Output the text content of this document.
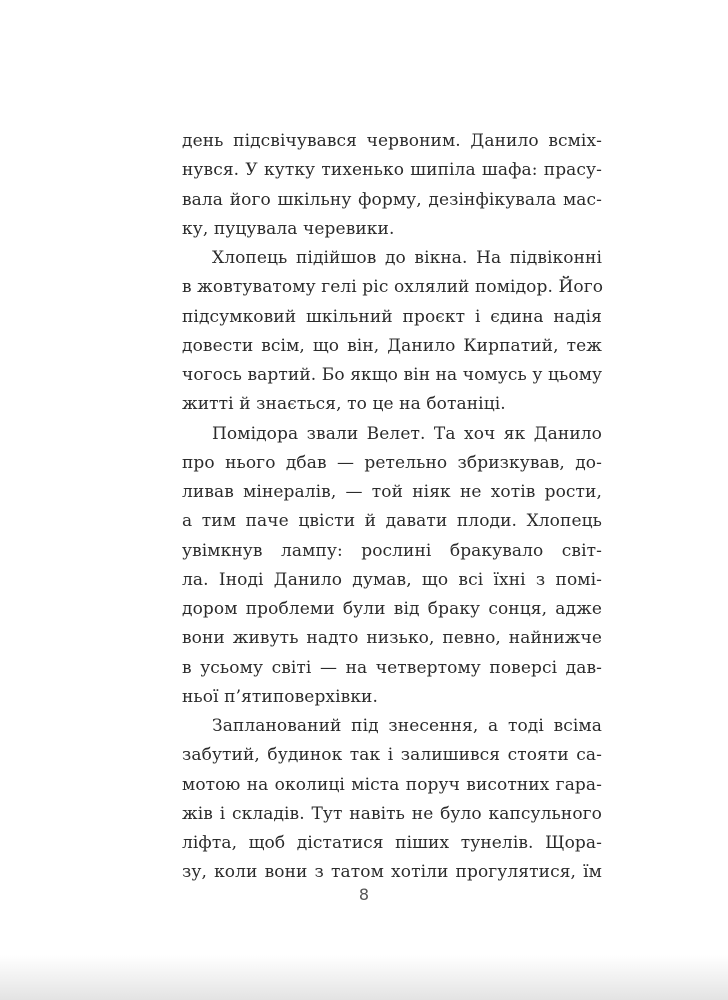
день підсвічувався червоним. Данило всміх-
нувся. У кутку тихенько шипіла шафа: прасу-
вала його шкільну форму, дезінфікувала мас-
ку, пуцувала черевики.

Хлопець підійшов до вікна. На підвіконні
в жовтуватому гелі ріс охлялий помідор. Його
підсумковий шкільний проєкт і єдина надія
довести всім, що він, Данило Кирпатий, теж
чогось вартий. Бо якщо він на чомусь у цьому
житті й знається, то це на ботаніці.

Помідора звали Велет. Та хоч як Данило
про нього дбав — ретельно збризкував, до-
ливав мінералів, — той ніяк не хотів рости,
а тим паче цвісти й давати плоди. Хлопець
увімкнув лампу: рослині бракувало світ-
ла. Іноді Данило думав, що всі їхні з помі-
дором проблеми були від браку сонця, адже
вони живуть надто низько, певно, найнижче
в усьому світі — на четвертому поверсі дав-
ньої п’ятиповерхівки.

Запланований під знесення, а тоді всіма
забутий, будинок так і залишився стояти са-
мотою на околиці міста поруч висотних гара-
жів і складів. Тут навіть не було капсульного
ліфта, щоб дістатися піших тунелів. Щора-
зу, коли вони з татом хотіли прогулятися, їм

8
